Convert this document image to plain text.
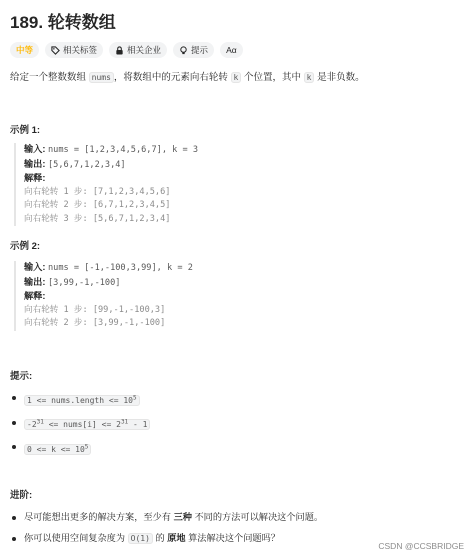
189. 轮转数组
中等	相关标签	相关企业	提示 Aα
给定一个整数数组 nums ，将数组中的元素向右轮转 k 个位置，其中 k 是非负数。
示例 1:
输入: nums = [1,2,3,4,5,6,7], k = 3
输出: [5,6,7,1,2,3,4]
解释:
向右轮转 1 步: [7,1,2,3,4,5,6]
向右轮转 2 步: [6,7,1,2,3,4,5]
向右轮转 3 步: [5,6,7,1,2,3,4]
示例 2:
输入: nums = [-1,-100,3,99], k = 2
输出: [3,99,-1,-100]
解释:
向右轮转 1 步: [99,-1,-100,3]
向右轮转 2 步: [3,99,-1,-100]
提示:
1 <= nums.length <= $10^5$
$-2^{31}$ <= nums[i] <= $2^{31} - 1$
$0 <= k <= 10^5$
进阶:
尽可能想出更多的解决方案，至少有 三种 不同的方法可以解决这个问题。
你可以使用空间复杂度为 O(1) 的 原地 算法解决这个问题吗？
CSDN @CCSBRIDGE
